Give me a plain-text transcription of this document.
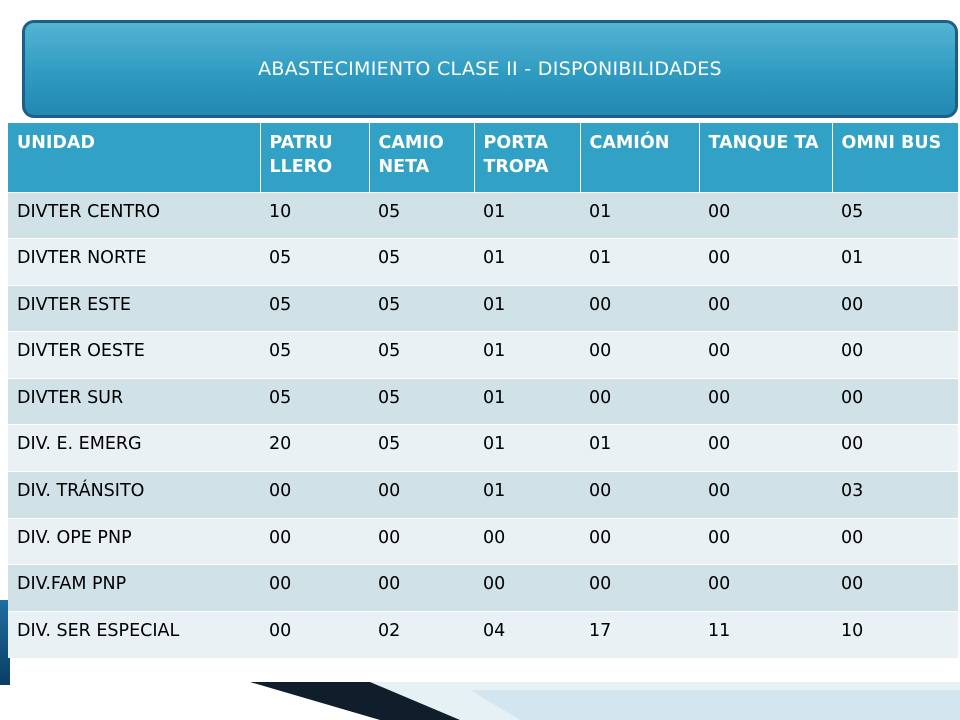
ABASTECIMIENTO CLASE II - DISPONIBILIDADES
UNIDAD	PATRU LLERO	CAMIO NETA	PORTA TROPA	CAMIÓN	TANQUE TA	OMNI BUS
DIVTER CENTRO	10	05	01	01	00	05
DIVTER NORTE	05	05	01	01	00	01
DIVTER ESTE	05	05	01	00	00	00
DIVTER OESTE	05	05	01	00	00	00
DIVTER SUR	05	05	01	00	00	00
DIV. E. EMERG	20	05	01	01	00	00
DIV. TRÁNSITO	00	00	01	00	00	03
DIV. OPE PNP	00	00	00	00	00	00
DIV.FAM PNP	00	00	00	00	00	00
DIV. SER ESPECIAL	00	02	04	17	11	10
